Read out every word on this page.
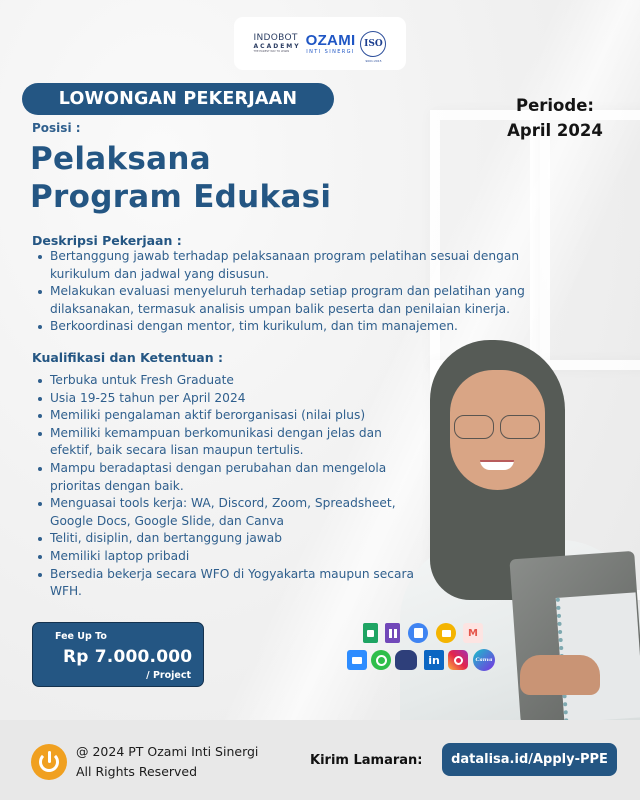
INDOBOT
ACADEMY
THE EASIEST WAY TO LEARN
OZAMI
INTI SINERGI
ISO
9001:2015
LOWONGAN PEKERJAAN
Posisi :
Pelaksana
Program Edukasi
Periode:
April 2024
Deskripsi Pekerjaan :
Bertanggung jawab terhadap pelaksanaan program pelatihan sesuai dengan kurikulum dan jadwal yang disusun.
Melakukan evaluasi menyeluruh terhadap setiap program dan pelatihan yang dilaksanakan, termasuk analisis umpan balik peserta dan penilaian kinerja.
Berkoordinasi dengan mentor, tim kurikulum, dan tim manajemen.
Kualifikasi dan Ketentuan :
Terbuka untuk Fresh Graduate
Usia 19-25 tahun per April 2024
Memiliki pengalaman aktif berorganisasi (nilai plus)
Memiliki kemampuan berkomunikasi dengan jelas dan efektif, baik secara lisan maupun tertulis.
Mampu beradaptasi dengan perubahan dan mengelola prioritas dengan baik.
Menguasai tools kerja: WA, Discord, Zoom, Spreadsheet, Google Docs, Google Slide, dan Canva
Teliti, disiplin, dan bertanggung jawab
Memiliki laptop pribadi
Bersedia bekerja secara WFO di Yogyakarta maupun secara WFH.
M
in	Canva
Fee Up To
Rp 7.000.000
/ Project
@ 2024 PT Ozami Inti Sinergi
All Rights Reserved
Kirim Lamaran:	datalisa.id/Apply-PPE
